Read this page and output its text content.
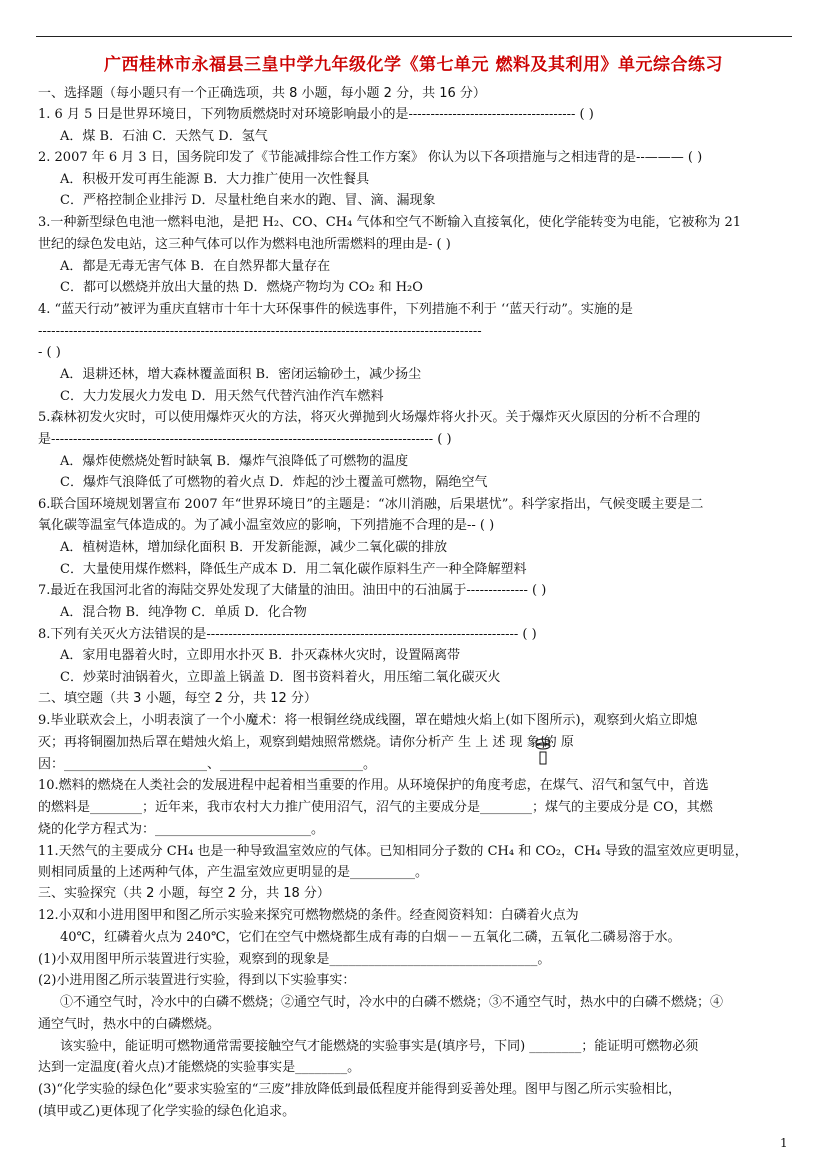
广西桂林市永福县三皇中学九年级化学《第七单元 燃料及其利用》单元综合练习
一、选择题（每小题只有一个正确选项，共 8 小题，每小题 2 分，共 16 分）
1. 6 月 5 日是世界环境日，下列物质燃烧时对环境影响最小的是-------------------------------------- ( )
A．煤 B．石油 C．天然气 D．氢气
2. 2007 年 6 月 3 日，国务院印发了《节能减排综合性工作方案》 你认为以下各项措施与之相违背的是--——— ( )
A．积极开发可再生能源 B．大力推广使用一次性餐具
C．严格控制企业排污 D．尽量杜绝自来水的跑、冒、滴、漏现象
3.一种新型绿色电池一燃料电池，是把 H₂、CO、CH₄ 气体和空气不断输入直接氧化，使化学能转变为电能，它被称为 21
世纪的绿色发电站，这三种气体可以作为燃料电池所需燃料的理由是- ( )
A．都是无毒无害气体 B．在自然界都大量存在
C．都可以燃烧并放出大量的热 D．燃烧产物均为 CO₂ 和 H₂O
4. “蓝天行动”被评为重庆直辖市十年十大环保事件的候选事件，下列措施不利于 ‘‘蓝天行动”。实施的是
-----------------------------------------------------------------------------------------------------
- ( )
A．退耕还林，增大森林覆盖面积 B．密闭运输砂土，减少扬尘
C．大力发展火力发电 D．用天然气代替汽油作汽车燃料
5.森林初发火灾时，可以使用爆炸灭火的方法，将灭火弹抛到火场爆炸将火扑灭。关于爆炸灭火原因的分析不合理的
是--------------------------------------------------------------------------------------- ( )
A．爆炸使燃烧处暂时缺氧 B．爆炸气浪降低了可燃物的温度
C．爆炸气浪降低了可燃物的着火点 D．炸起的沙土覆盖可燃物，隔绝空气
6.联合国环境规划署宣布 2007 年“世界环境日”的主题是：“冰川消融，后果堪忧”。科学家指出，气候变暖主要是二
氧化碳等温室气体造成的。为了减小温室效应的影响，下列措施不合理的是-- ( )
A．植树造林，增加绿化面积 B．开发新能源，减少二氧化碳的排放
C．大量使用煤作燃料，降低生产成本 D．用二氧化碳作原料生产一种全降解塑料
7.最近在我国河北省的海陆交界处发现了大储量的油田。油田中的石油属于-------------- ( )
A．混合物 B．纯净物 C．单质 D．化合物
8.下列有关灭火方法错误的是----------------------------------------------------------------------- ( )
A．家用电器着火时，立即用水扑灭 B．扑灭森林火灾时，设置隔离带
C．炒菜时油锅着火，立即盖上锅盖 D．图书资料着火，用压缩二氧化碳灭火
二、填空题（共 3 小题，每空 2 分，共 12 分）
9.毕业联欢会上，小明表演了一个小魔术：将一根铜丝绕成线圈，罩在蜡烛火焰上(如下图所示)，观察到火焰立即熄
灭；再将铜圈加热后罩在蜡烛火焰上，观察到蜡烛照常燃烧。请你分析产 生 上 述 现 象 的 原
因：______________________、______________________。
10.燃料的燃烧在人类社会的发展进程中起着相当重要的作用。从环境保护的角度考虑，在煤气、沼气和氢气中，首选
的燃料是________；近年来，我市农村大力推广使用沼气，沼气的主要成分是________；煤气的主要成分是 CO，其燃
烧的化学方程式为：________________________。
11.天然气的主要成分 CH₄ 也是一种导致温室效应的气体。已知相同分子数的 CH₄ 和 CO₂，CH₄ 导致的温室效应更明显，
则相同质量的上述两种气体，产生温室效应更明显的是__________。
三、实验探究（共 2 小题，每空 2 分，共 18 分）
12.小双和小进用图甲和图乙所示实验来探究可燃物燃烧的条件。经查阅资料知：白磷着火点为
40℃，红磷着火点为 240℃，它们在空气中燃烧都生成有毒的白烟－－五氧化二磷，五氧化二磷易溶于水。
(1)小双用图甲所示装置进行实验，观察到的现象是________________________________。
(2)小进用图乙所示装置进行实验，得到以下实验事实：
①不通空气时，冷水中的白磷不燃烧；②通空气时，冷水中的白磷不燃烧；③不通空气时，热水中的白磷不燃烧；④
通空气时，热水中的白磷燃烧。
该实验中，能证明可燃物通常需要接触空气才能燃烧的实验事实是(填序号，下同) ________；能证明可燃物必须
达到一定温度(着火点)才能燃烧的实验事实是________。
(3)“化学实验的绿色化”要求实验室的“三废”排放降低到最低程度并能得到妥善处理。图甲与图乙所示实验相比，
(填甲或乙)更体现了化学实验的绿色化追求。
1
